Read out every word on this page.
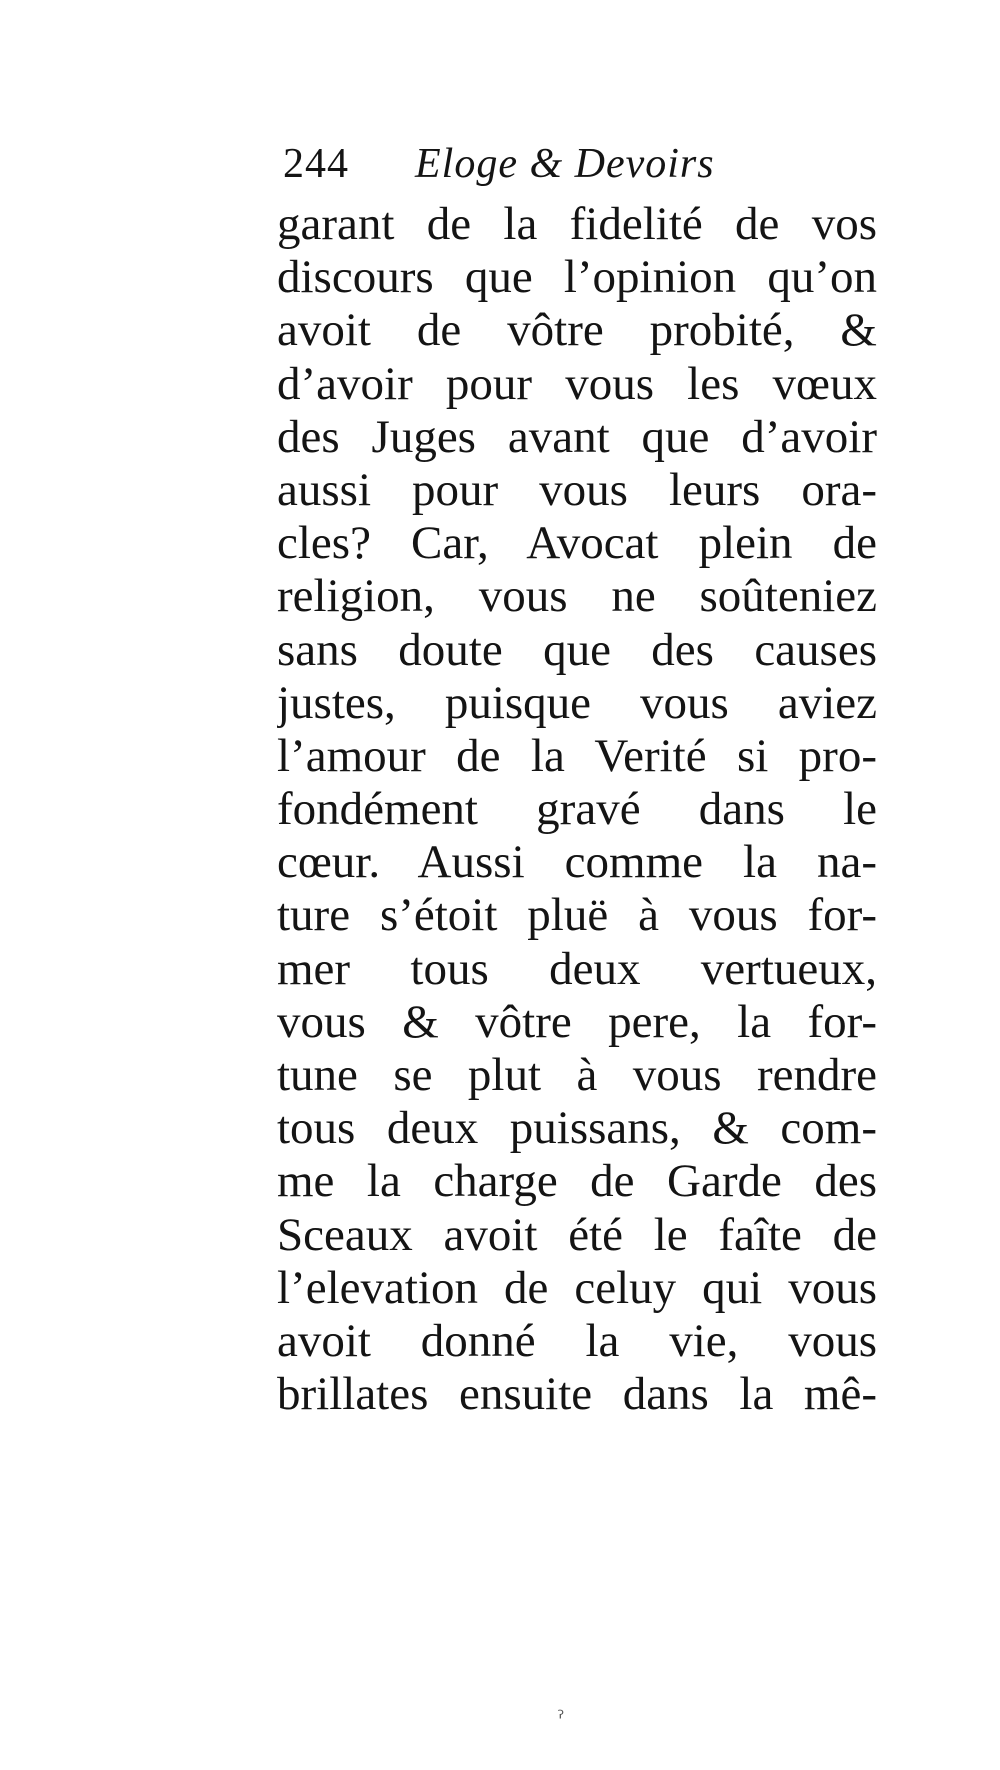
244 Eloge & Devoirs
garant de la fidelité de vos
discours que l’opinion qu’on
avoit de vôtre probité, &
d’avoir pour vous les vœux
des Juges avant que d’avoir
aussi pour vous leurs ora-
cles? Car, Avocat plein de
religion, vous ne soûteniez
sans doute que des causes
justes, puisque vous aviez
l’amour de la Verité si pro-
fondément gravé dans le
cœur. Aussi comme la na-
ture s’étoit pluë à vous for-
mer tous deux vertueux,
vous & vôtre pere, la for-
tune se plut à vous rendre
tous deux puissans, & com-
me la charge de Garde des
Sceaux avoit été le faîte de
l’elevation de celuy qui vous
avoit donné la vie, vous
brillates ensuite dans la mê-
ˀ
